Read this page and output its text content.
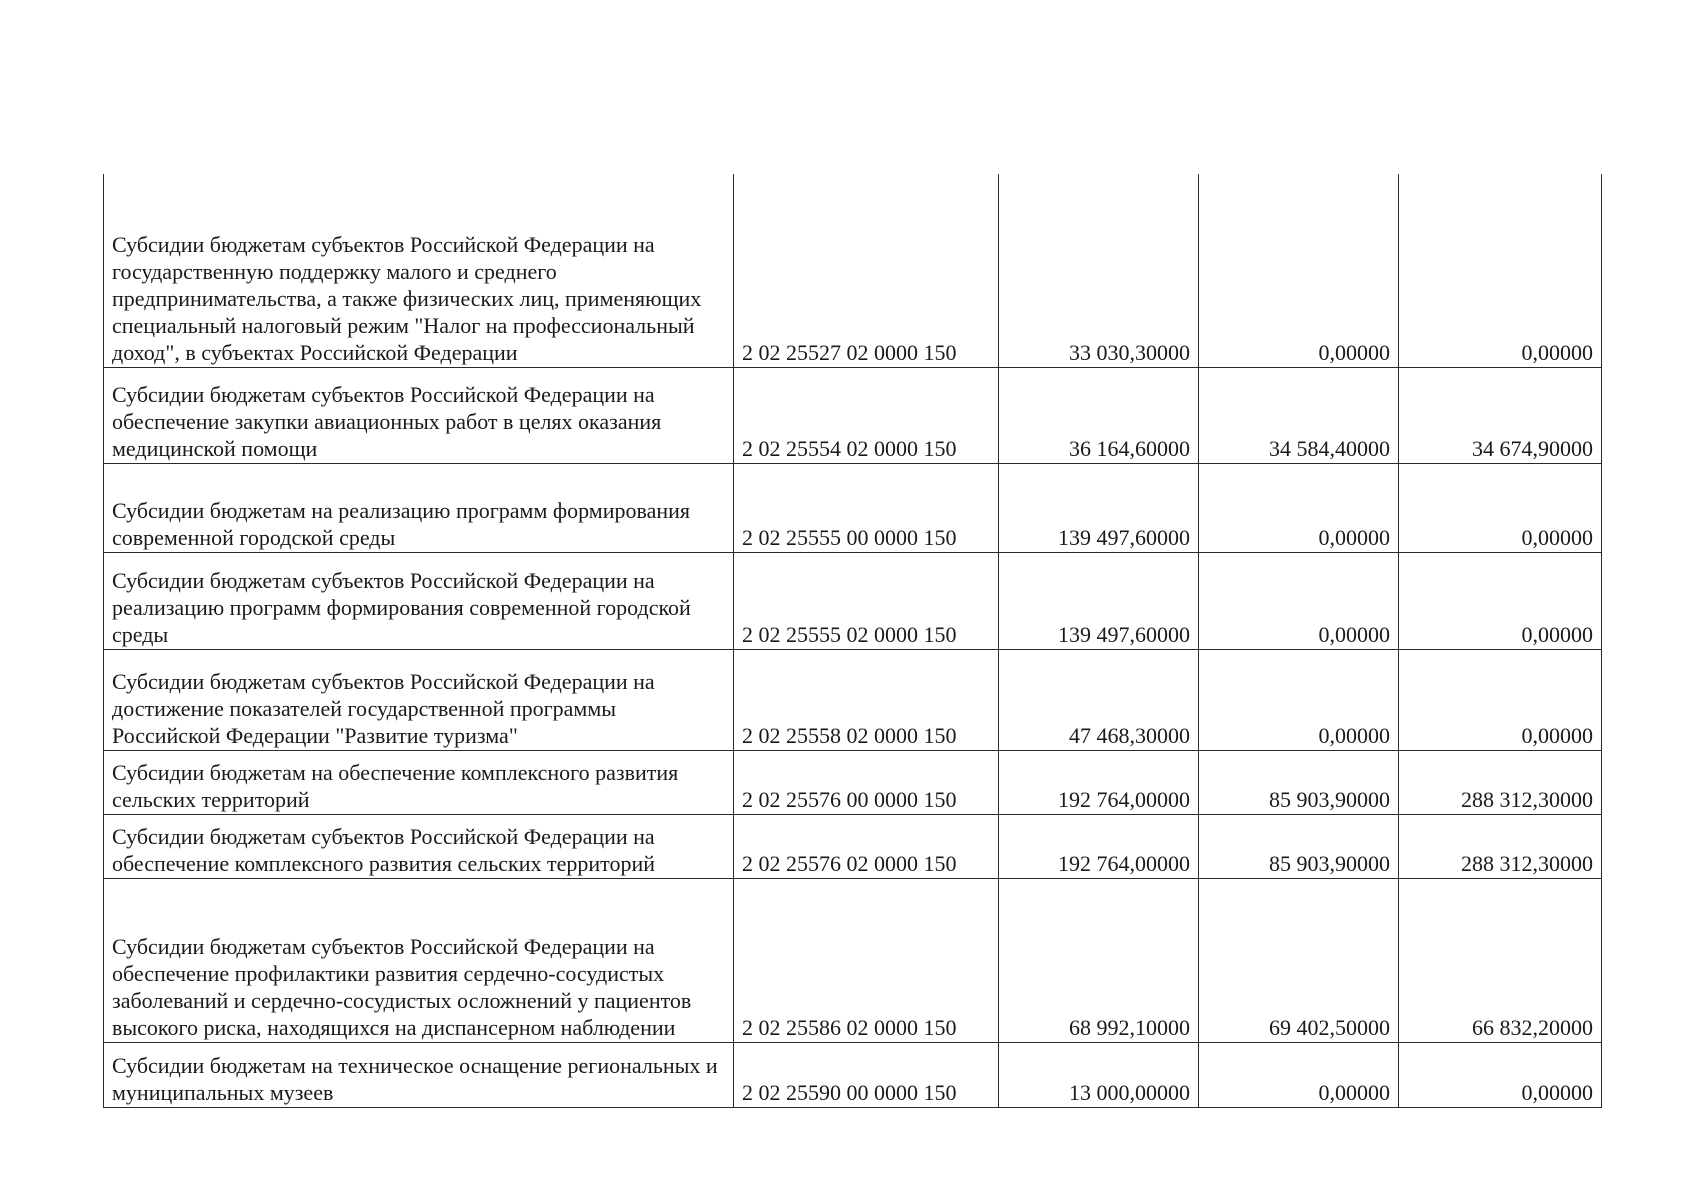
Субсидии бюджетам субъектов Российской Федерации на государственную поддержку малого и среднего предпринимательства, а также физических лиц, применяющих специальный налоговый режим "Налог на профессиональный доход", в субъектах Российской Федерации	2 02 25527 02 0000 150	33 030,30000	0,00000	0,00000
Субсидии бюджетам субъектов Российской Федерации на обеспечение закупки авиационных работ в целях оказания медицинской помощи	2 02 25554 02 0000 150	36 164,60000	34 584,40000	34 674,90000
Субсидии бюджетам на реализацию программ формирования современной городской среды	2 02 25555 00 0000 150	139 497,60000	0,00000	0,00000
Субсидии бюджетам субъектов Российской Федерации на реализацию программ формирования современной городской среды	2 02 25555 02 0000 150	139 497,60000	0,00000	0,00000
Субсидии бюджетам субъектов Российской Федерации на достижение показателей государственной программы Российской Федерации "Развитие туризма"	2 02 25558 02 0000 150	47 468,30000	0,00000	0,00000
Субсидии бюджетам на обеспечение комплексного развития сельских территорий	2 02 25576 00 0000 150	192 764,00000	85 903,90000	288 312,30000
Субсидии бюджетам субъектов Российской Федерации на обеспечение комплексного развития сельских территорий	2 02 25576 02 0000 150	192 764,00000	85 903,90000	288 312,30000
Субсидии бюджетам субъектов Российской Федерации на обеспечение профилактики развития сердечно-сосудистых заболеваний и сердечно-сосудистых осложнений у пациентов высокого риска, находящихся на диспансерном наблюдении	2 02 25586 02 0000 150	68 992,10000	69 402,50000	66 832,20000
Субсидии бюджетам на техническое оснащение региональных и муниципальных музеев	2 02 25590 00 0000 150	13 000,00000	0,00000	0,00000
